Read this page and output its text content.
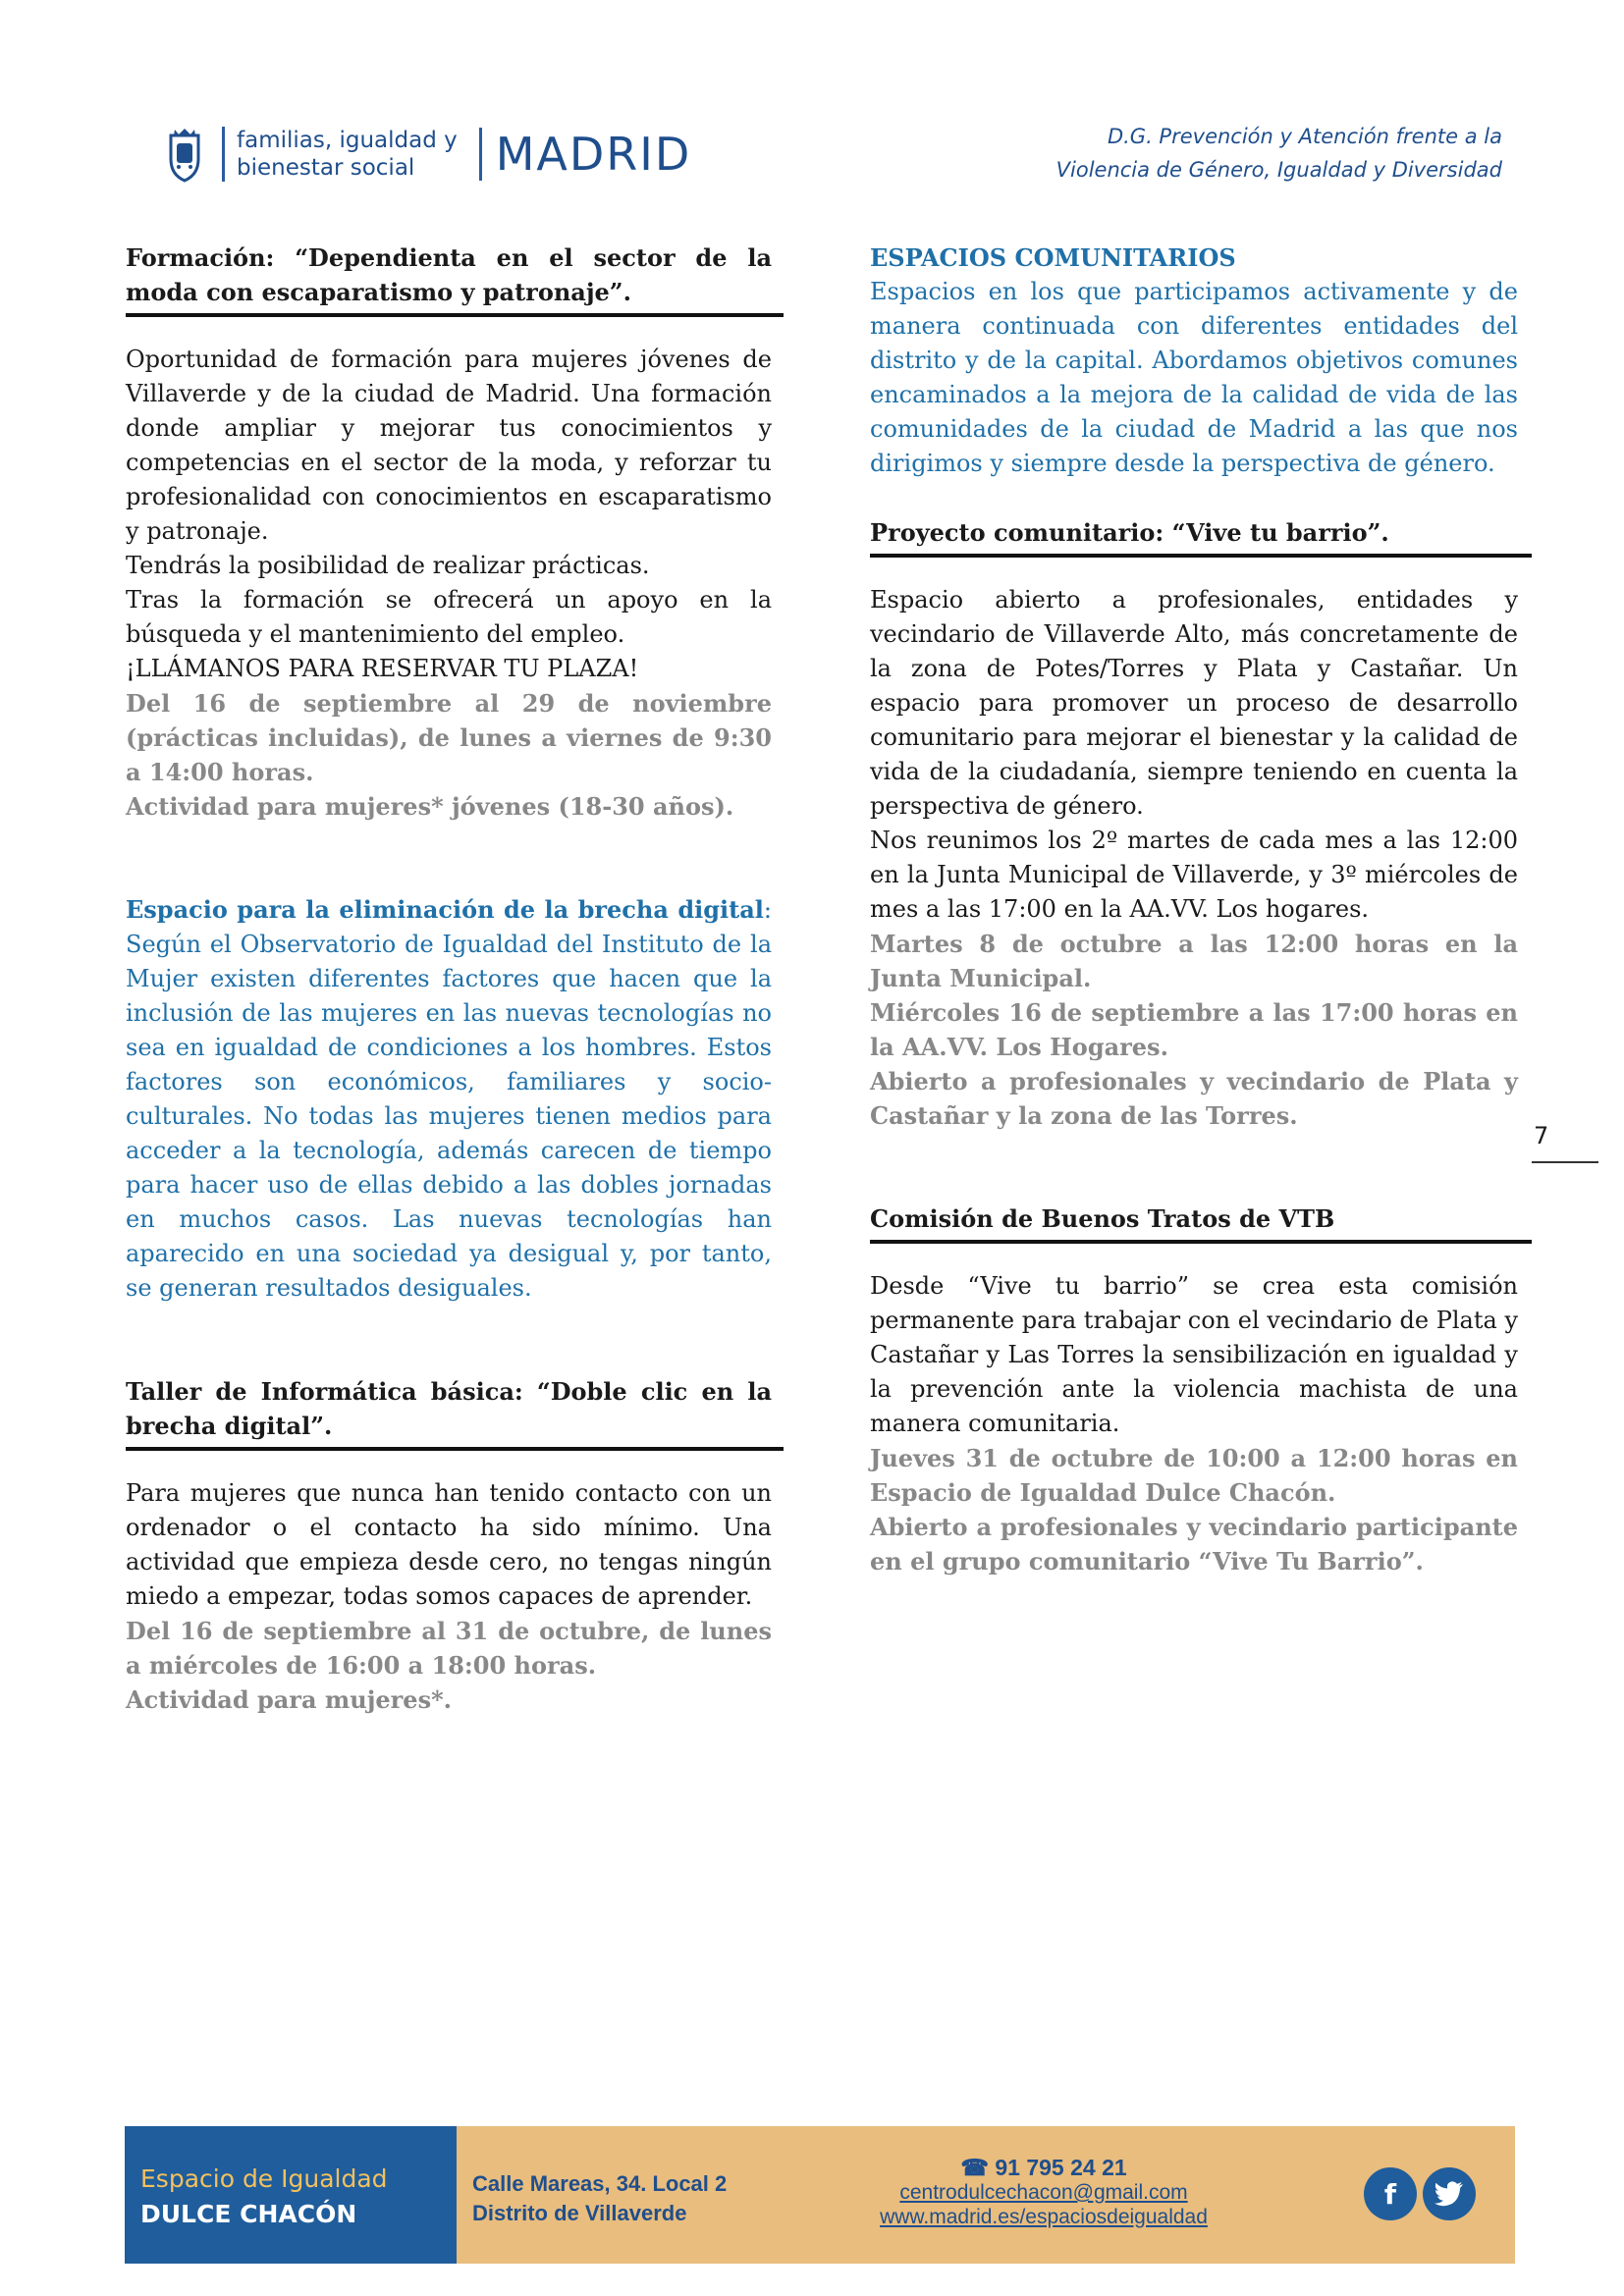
familias, igualdad y
bienestar social	MADRID	D.G. Prevención y Atención frente a la
Violencia de Género, Igualdad y Diversidad
Formación: “Dependienta en el sector de la moda con escaparatismo y patronaje”.

Oportunidad de formación para mujeres jóvenes de Villaverde y de la ciudad de Madrid. Una formación donde ampliar y mejorar tus conocimientos y competencias en el sector de la moda, y reforzar tu profesionalidad con conocimientos en escaparatismo y patronaje.

Tendrás la posibilidad de realizar prácticas.

Tras la formación se ofrecerá un apoyo en la búsqueda y el mantenimiento del empleo.

¡LLÁMANOS PARA RESERVAR TU PLAZA!

Del 16 de septiembre al 29 de noviembre (prácticas incluidas), de lunes a viernes de 9:30 a 14:00 horas.

Actividad para mujeres* jóvenes (18-30 años).

Espacio para la eliminación de la brecha digital: Según el Observatorio de Igualdad del Instituto de la Mujer existen diferentes factores que hacen que la inclusión de las mujeres en las nuevas tecnologías no sea en igualdad de condiciones a los hombres. Estos factores son económicos, familiares y socio-culturales. No todas las mujeres tienen medios para acceder a la tecnología, además carecen de tiempo para hacer uso de ellas debido a las dobles jornadas en muchos casos. Las nuevas tecnologías han aparecido en una sociedad ya desigual y, por tanto, se generan resultados desiguales.

Taller de Informática básica: “Doble clic en la brecha digital”.

Para mujeres que nunca han tenido contacto con un ordenador o el contacto ha sido mínimo. Una actividad que empieza desde cero, no tengas ningún miedo a empezar, todas somos capaces de aprender.

Del 16 de septiembre al 31 de octubre, de lunes a miércoles de 16:00 a 18:00 horas.

Actividad para mujeres*.

ESPACIOS COMUNITARIOS

Espacios en los que participamos activamente y de manera continuada con diferentes entidades del distrito y de la capital. Abordamos objetivos comunes encaminados a la mejora de la calidad de vida de las comunidades de la ciudad de Madrid a las que nos dirigimos y siempre desde la perspectiva de género.

Proyecto comunitario: “Vive tu barrio”.

Espacio abierto a profesionales, entidades y vecindario de Villaverde Alto, más concretamente de la zona de Potes/Torres y Plata y Castañar. Un espacio para promover un proceso de desarrollo comunitario para mejorar el bienestar y la calidad de vida de la ciudadanía, siempre teniendo en cuenta la perspectiva de género.

Nos reunimos los 2º martes de cada mes a las 12:00 en la Junta Municipal de Villaverde, y 3º miércoles de mes a las 17:00 en la AA.VV. Los hogares.

Martes 8 de octubre a las 12:00 horas en la Junta Municipal.

Miércoles 16 de septiembre a las 17:00 horas en la AA.VV. Los Hogares.

Abierto a profesionales y vecindario de Plata y Castañar y la zona de las Torres.

Comisión de Buenos Tratos de VTB

Desde “Vive tu barrio” se crea esta comisión permanente para trabajar con el vecindario de Plata y Castañar y Las Torres la sensibilización en igualdad y la prevención ante la violencia machista de una manera comunitaria.

Jueves 31 de octubre de 10:00 a 12:00 horas en Espacio de Igualdad Dulce Chacón.

Abierto a profesionales y vecindario participante en el grupo comunitario “Vive Tu Barrio”.

7
Espacio de Igualdad
DULCE CHACÓN
Calle Mareas, 34. Local 2
Distrito de Villaverde
☎ 91 795 24 21
centrodulcechacon@gmail.com
www.madrid.es/espaciosdeigualdad
f
